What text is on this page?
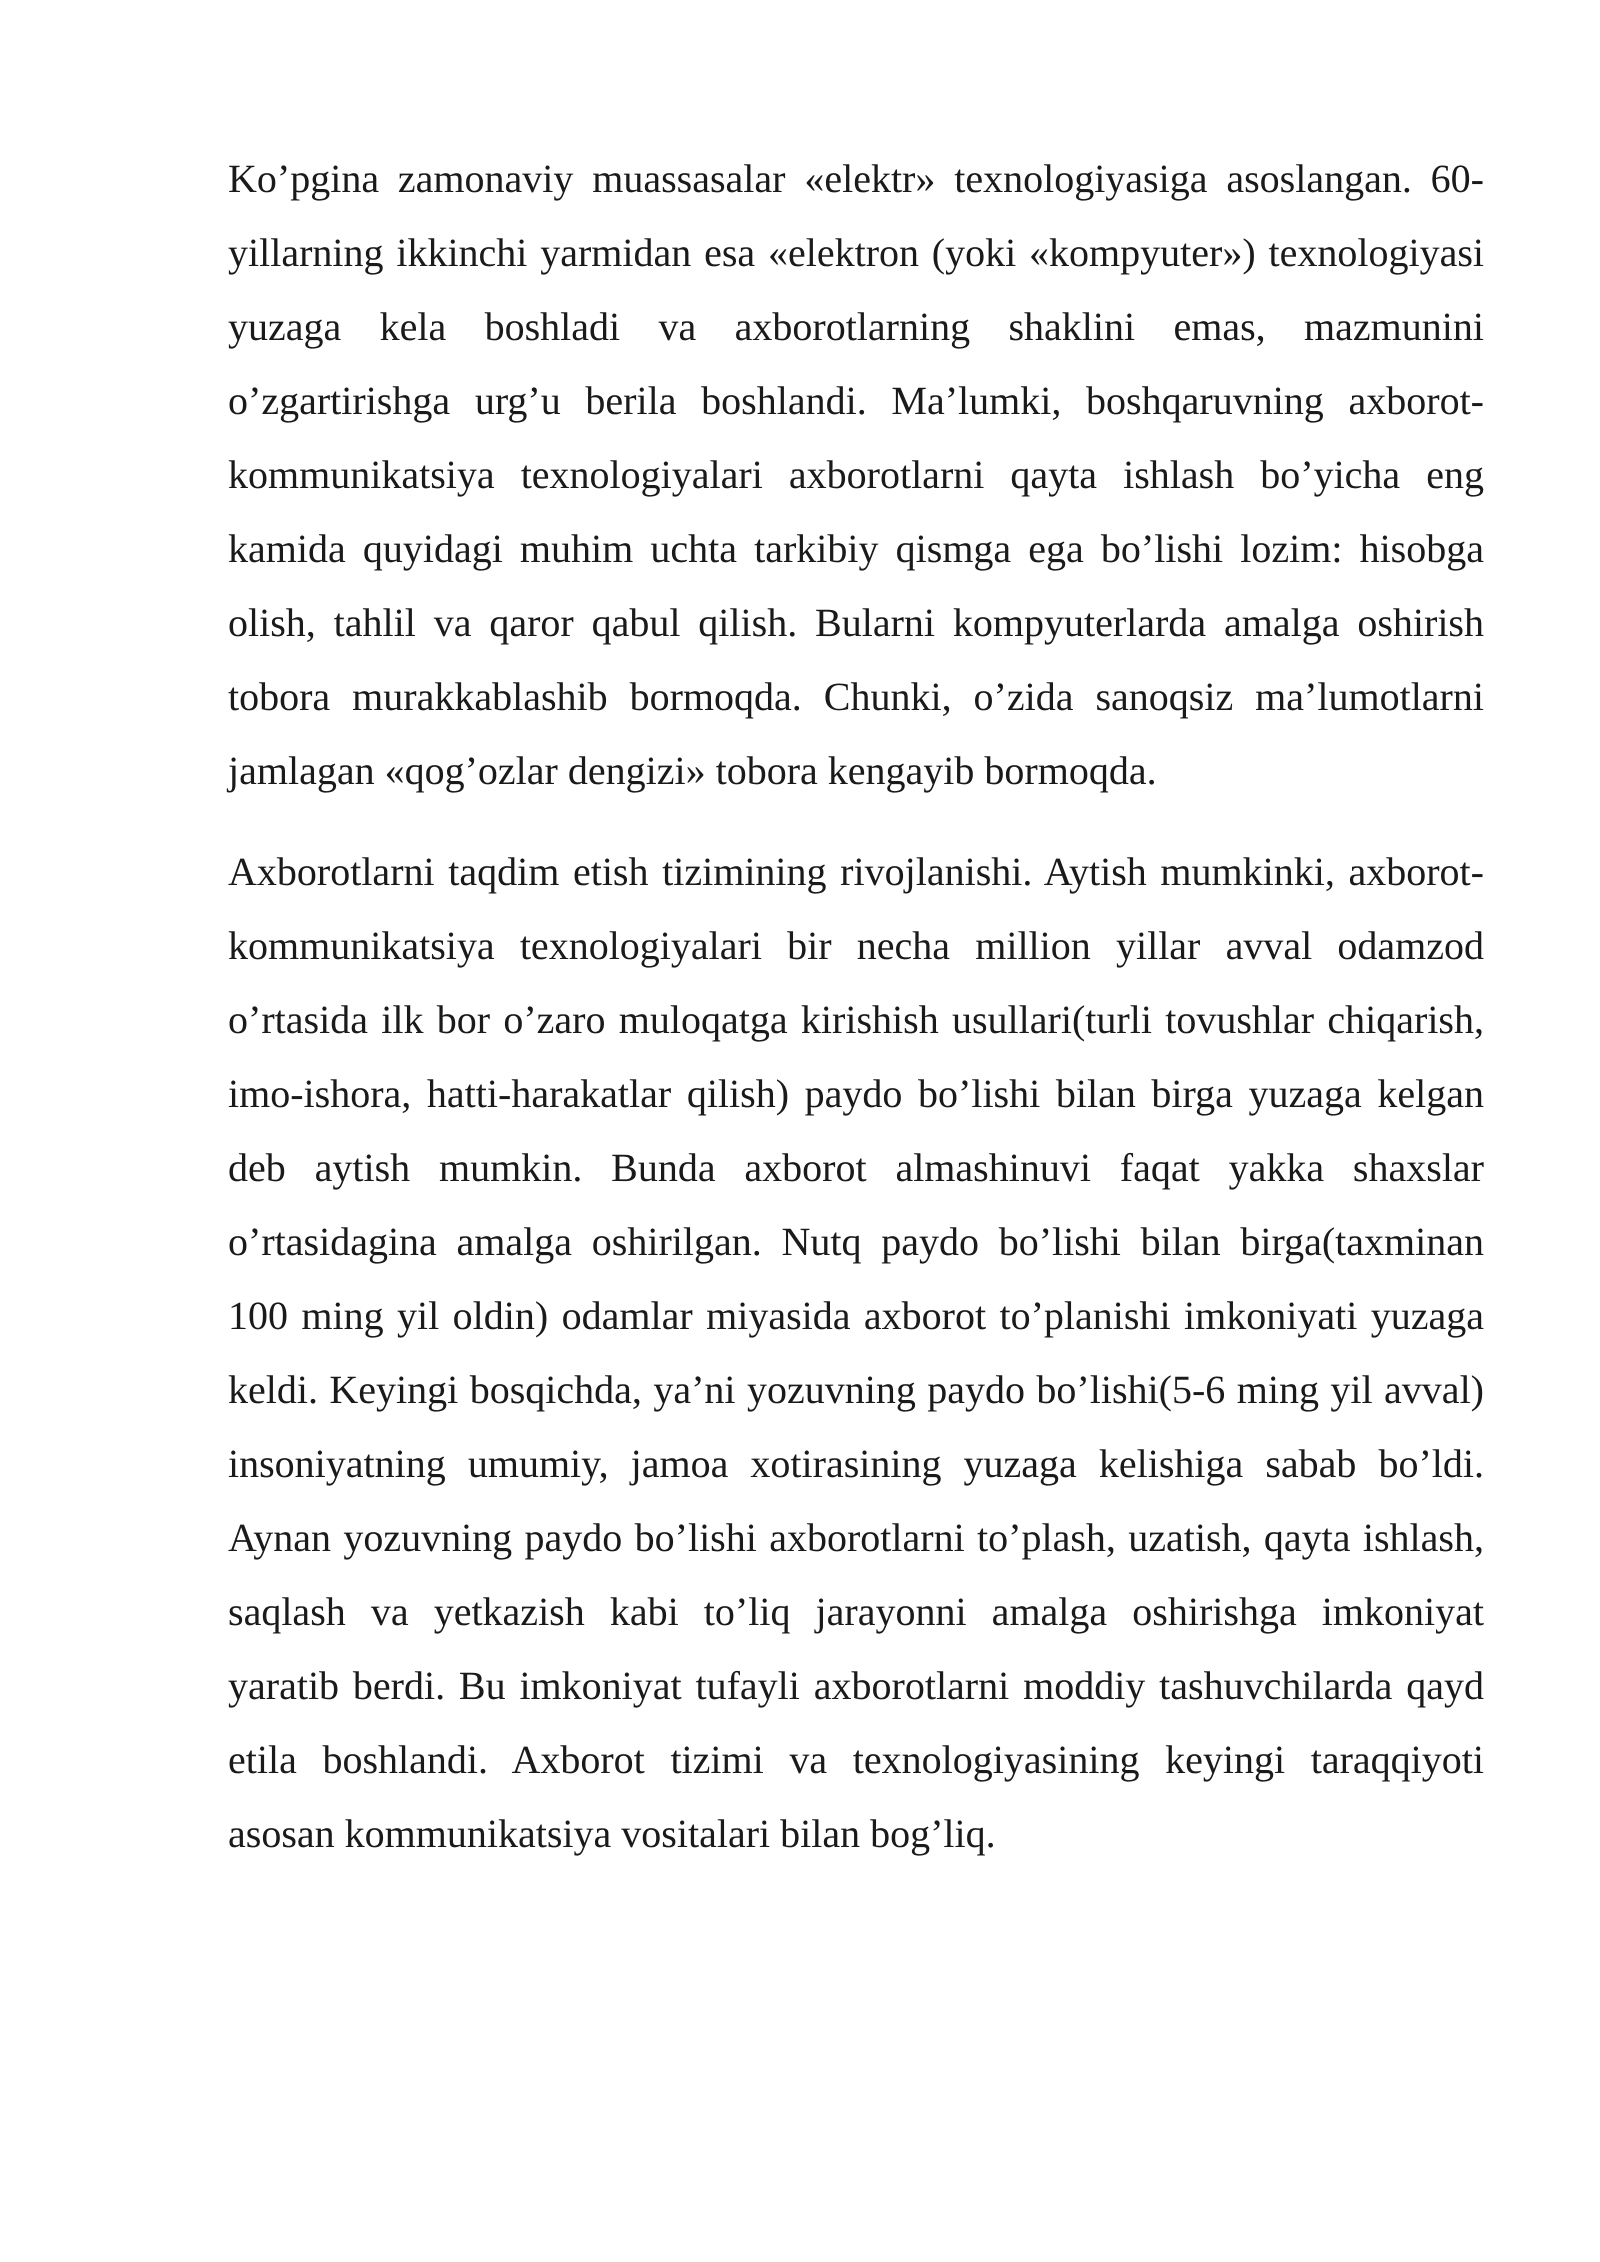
Ko’pgina zamonaviy muassasalar «elektr» texnologiyasiga asoslangan. 60-yillarning ikkinchi yarmidan esa «elektron (yoki «kompyuter») texnologiyasi yuzaga kela boshladi va axborotlarning shaklini emas, mazmunini o’zgartirishga urg’u berila boshlandi. Ma’lumki, boshqaruvning axborot-kommunikatsiya texnologiyalari axborotlarni qayta ishlash bo’yicha eng kamida quyidagi muhim uchta tarkibiy qismga ega bo’lishi lozim: hisobga olish, tahlil va qaror qabul qilish. Bularni kompyuterlarda amalga oshirish tobora murakkablashib bormoqda. Chunki, o’zida sanoqsiz ma’lumotlarni jamlagan «qog’ozlar dengizi» tobora kengayib bormoqda.

Axborotlarni taqdim etish tizimining rivojlanishi. Aytish mumkinki, axborot- kommunikatsiya texnologiyalari bir necha million yillar avval odamzod o’rtasida ilk bor o’zaro muloqatga kirishish usullari(turli tovushlar chiqarish, imo-ishora, hatti-harakatlar qilish) paydo bo’lishi bilan birga yuzaga kelgan deb aytish mumkin. Bunda axborot almashinuvi faqat yakka shaxslar o’rtasidagina amalga oshirilgan. Nutq paydo bo’lishi bilan birga(taxminan 100 ming yil oldin) odamlar miyasida axborot to’planishi imkoniyati yuzaga keldi. Keyingi bosqichda, ya’ni yozuvning paydo bo’lishi(5-6 ming yil avval) insoniyatning umumiy, jamoa xotirasining yuzaga kelishiga sabab bo’ldi. Aynan yozuvning paydo bo’lishi axborotlarni to’plash, uzatish, qayta ishlash, saqlash va yetkazish kabi to’liq jarayonni amalga oshirishga imkoniyat yaratib berdi. Bu imkoniyat tufayli axborotlarni moddiy tashuvchilarda qayd etila boshlandi. Axborot tizimi va texnologiyasining keyingi taraqqiyoti asosan kommunikatsiya vositalari bilan bog’liq.
